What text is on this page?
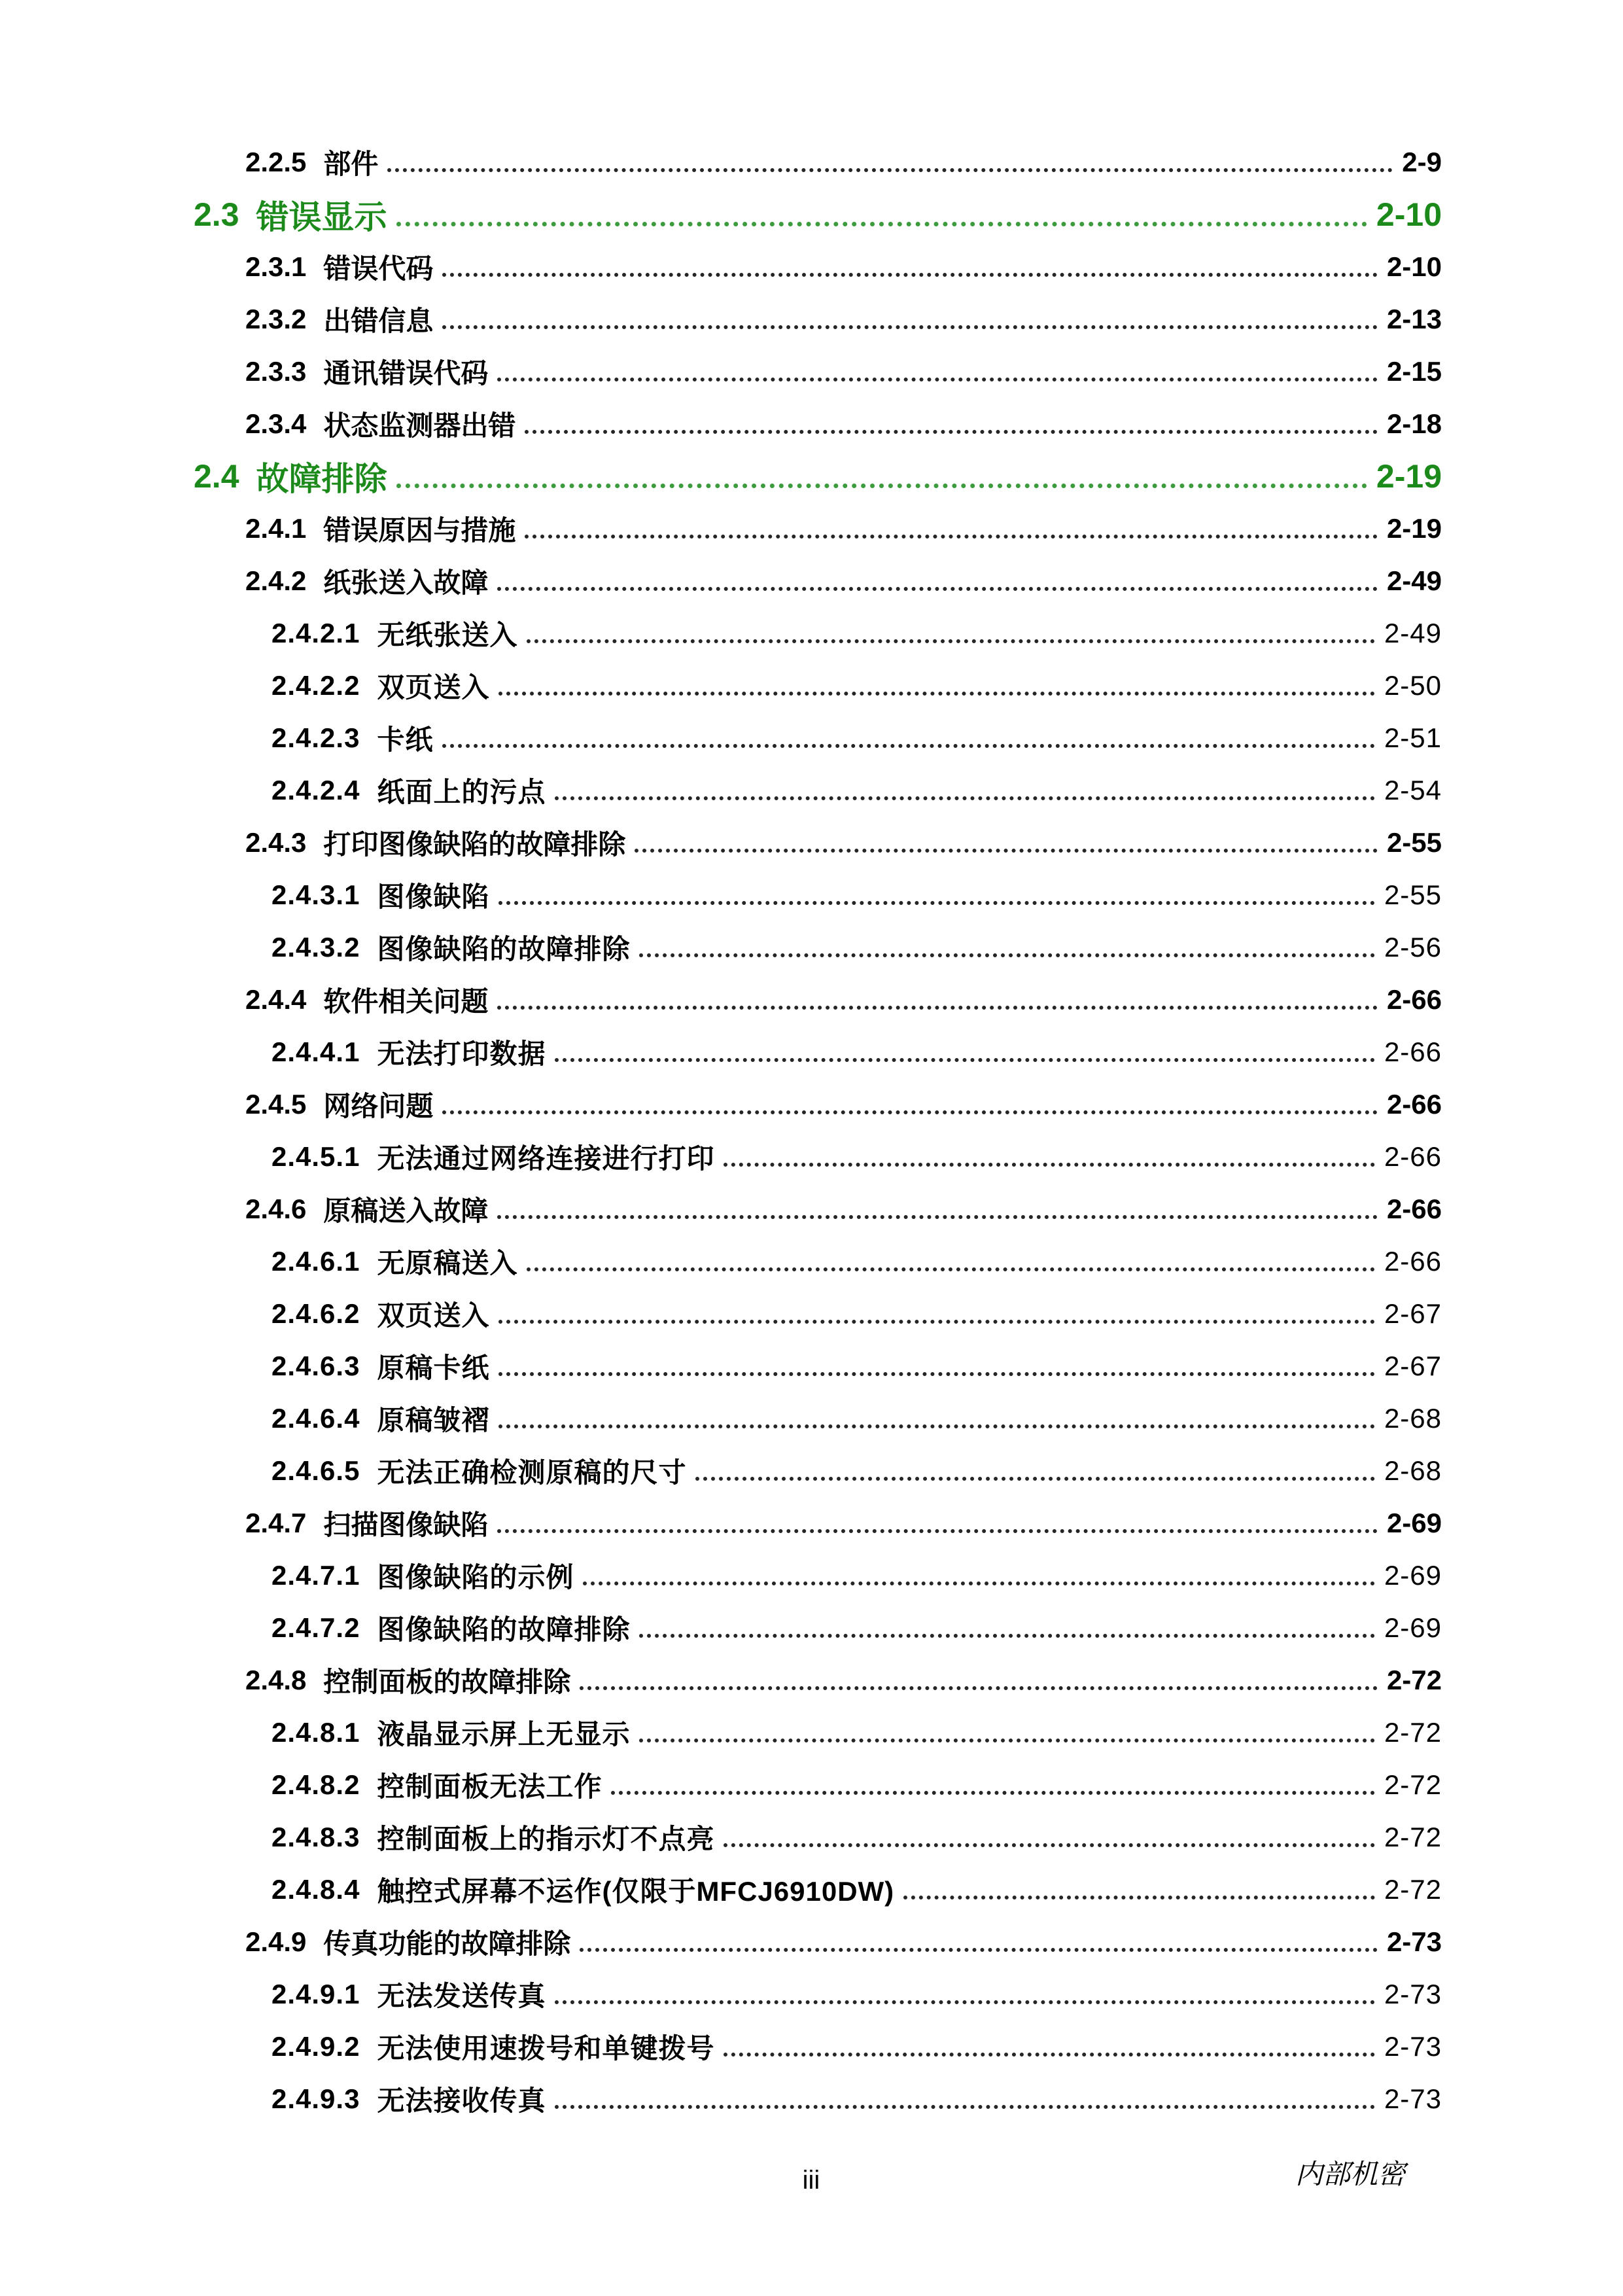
2.2.5 部件	2-9
2.3 错误显示	2-10
2.3.1 错误代码	2-10
2.3.2 出错信息	2-13
2.3.3 通讯错误代码	2-15
2.3.4 状态监测器出错	2-18
2.4 故障排除	2-19
2.4.1 错误原因与措施	2-19
2.4.2 纸张送入故障	2-49
2.4.2.1 无纸张送入	2-49
2.4.2.2 双页送入	2-50
2.4.2.3 卡纸	2-51
2.4.2.4 纸面上的污点	2-54
2.4.3 打印图像缺陷的故障排除	2-55
2.4.3.1 图像缺陷	2-55
2.4.3.2 图像缺陷的故障排除	2-56
2.4.4 软件相关问题	2-66
2.4.4.1 无法打印数据	2-66
2.4.5 网络问题	2-66
2.4.5.1 无法通过网络连接进行打印	2-66
2.4.6 原稿送入故障	2-66
2.4.6.1 无原稿送入	2-66
2.4.6.2 双页送入	2-67
2.4.6.3 原稿卡纸	2-67
2.4.6.4 原稿皱褶	2-68
2.4.6.5 无法正确检测原稿的尺寸	2-68
2.4.7 扫描图像缺陷	2-69
2.4.7.1 图像缺陷的示例	2-69
2.4.7.2 图像缺陷的故障排除	2-69
2.4.8 控制面板的故障排除	2-72
2.4.8.1 液晶显示屏上无显示	2-72
2.4.8.2 控制面板无法工作	2-72
2.4.8.3 控制面板上的指示灯不点亮	2-72
2.4.8.4 触控式屏幕不运作(仅限于MFCJ6910DW)	2-72
2.4.9 传真功能的故障排除	2-73
2.4.9.1 无法发送传真	2-73
2.4.9.2 无法使用速拨号和单键拨号	2-73
2.4.9.3 无法接收传真	2-73
iii	内部机密
